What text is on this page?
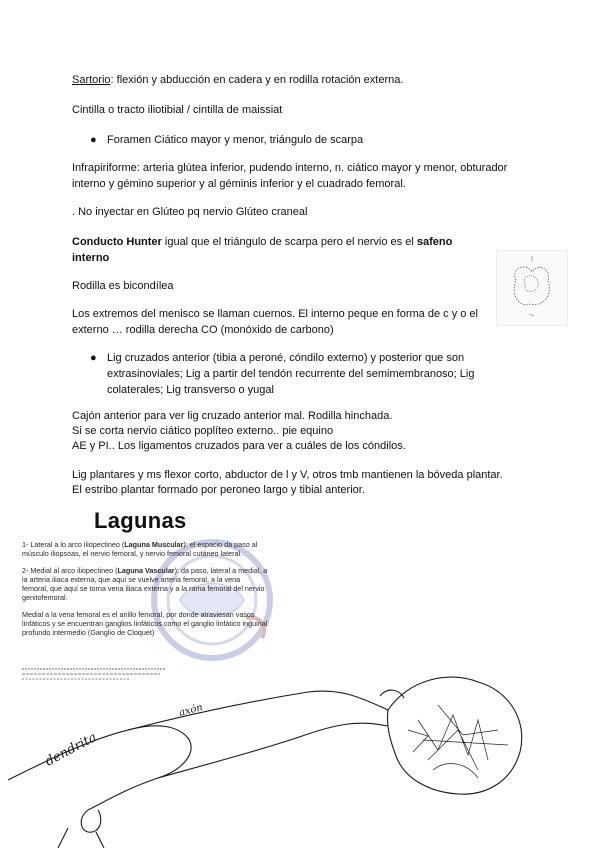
Sartorio: flexión y abducción en cadera y en rodilla rotación externa.

Cintilla o tracto iliotibial / cintilla de maissiat

● Foramen Ciático mayor y menor, triángulo de scarpa

Infrapiriforme: arteria glútea inferior, pudendo interno, n. ciático mayor y menor, obturador interno y gémino superior y al géminis inferior y el cuadrado femoral.

. No inyectar en Glúteo pq nervio Glúteo craneal

Conducto Hunter igual que el triángulo de scarpa pero el nervio es el safeno interno

Rodilla es bicondílea

Los extremos del menisco se llaman cuernos. El interno peque en forma de c y o el externo … rodilla derecha CO (monóxido de carbono)

● Lig cruzados anterior (tibia a peroné, cóndilo externo) y posterior que son extrasinoviales; Lig a partir del tendón recurrente del semimembranoso; Lig colaterales; Lig transverso o yugal

Cajón anterior para ver lig cruzado anterior mal. Rodilla hinchada.

Si se corta nervio ciático poplíteo externo.. pie equino

AE y PI.. Los ligamentos cruzados para ver a cuáles de los cóndilos.

Lig plantares y ms flexor corto, abductor de l y V, otros tmb mantienen la bóveda plantar.

El estribo plantar formado por peroneo largo y tibial anterior.

Lagunas

1- Lateral a lo arco iliopectineo (Laguna Muscular): el espacio da paso al músculo iliopsoas, el nervio femoral, y nervio femoral cutáneo lateral.

2- Medial al arco iliopectineo (Laguna Vascular): da paso, lateral a medial, a la arteria iliaca externa, que aquí se vuelve arteria femoral, a la vena femoral, que aquí se torna vena iliaca externa y a la rama femoral del nervio genitofemoral.

Medial a la vena femoral es el anillo femoral, por donde atraviesan vasos linfáticos y se encuentran ganglios linfáticos como el ganglio linfático inguinal profundo intermedio (Ganglio de Cloquet)

dendrita
axón
